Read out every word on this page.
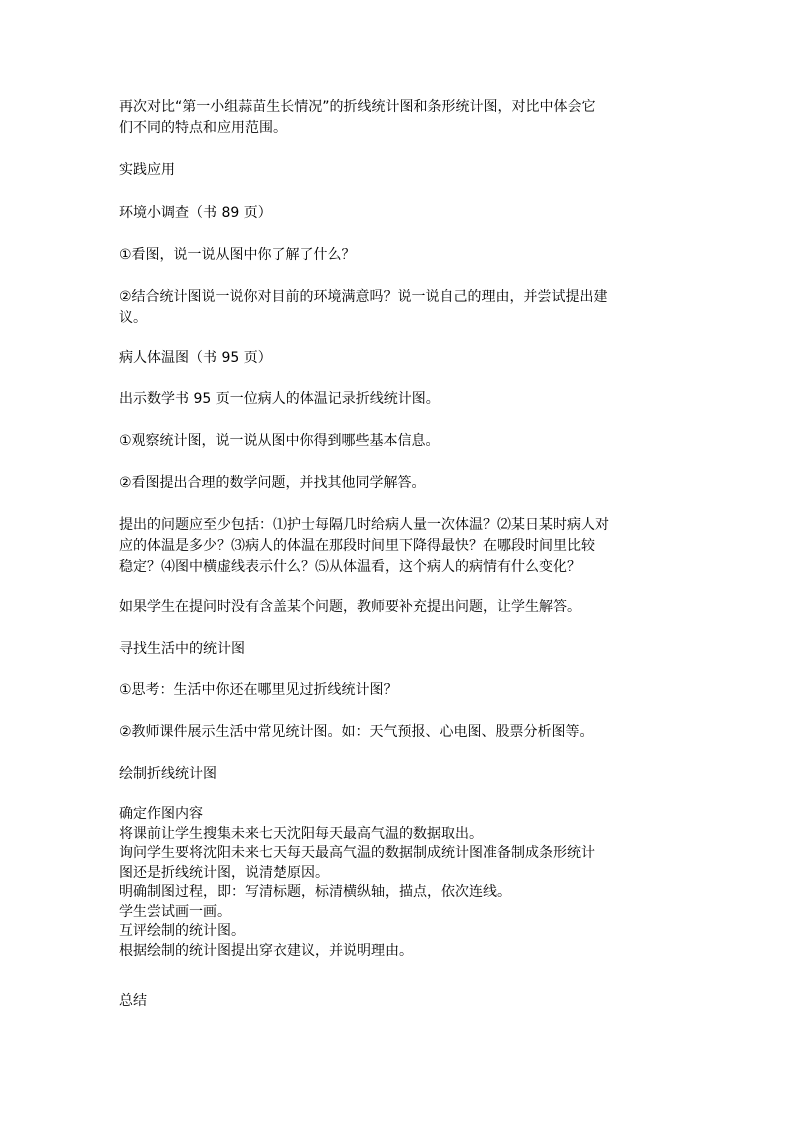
再次对比“第一小组蒜苗生长情况”的折线统计图和条形统计图，对比中体会它
们不同的特点和应用范围。

实践应用

环境小调查（书 89 页）

①看图，说一说从图中你了解了什么？

②结合统计图说一说你对目前的环境满意吗？说一说自己的理由，并尝试提出建
议。

病人体温图（书 95 页）

出示数学书 95 页一位病人的体温记录折线统计图。

①观察统计图，说一说从图中你得到哪些基本信息。

②看图提出合理的数学问题，并找其他同学解答。

提出的问题应至少包括：⑴护士每隔几时给病人量一次体温？⑵某日某时病人对
应的体温是多少？⑶病人的体温在那段时间里下降得最快？在哪段时间里比较
稳定？⑷图中横虚线表示什么？⑸从体温看，这个病人的病情有什么变化？

如果学生在提问时没有含盖某个问题，教师要补充提出问题，让学生解答。

寻找生活中的统计图

①思考：生活中你还在哪里见过折线统计图？

②教师课件展示生活中常见统计图。如：天气预报、心电图、股票分析图等。

绘制折线统计图

确定作图内容
将课前让学生搜集未来七天沈阳每天最高气温的数据取出。
询问学生要将沈阳未来七天每天最高气温的数据制成统计图准备制成条形统计
图还是折线统计图，说清楚原因。
明确制图过程，即：写清标题，标清横纵轴，描点，依次连线。
学生尝试画一画。
互评绘制的统计图。
根据绘制的统计图提出穿衣建议，并说明理由。

总结
